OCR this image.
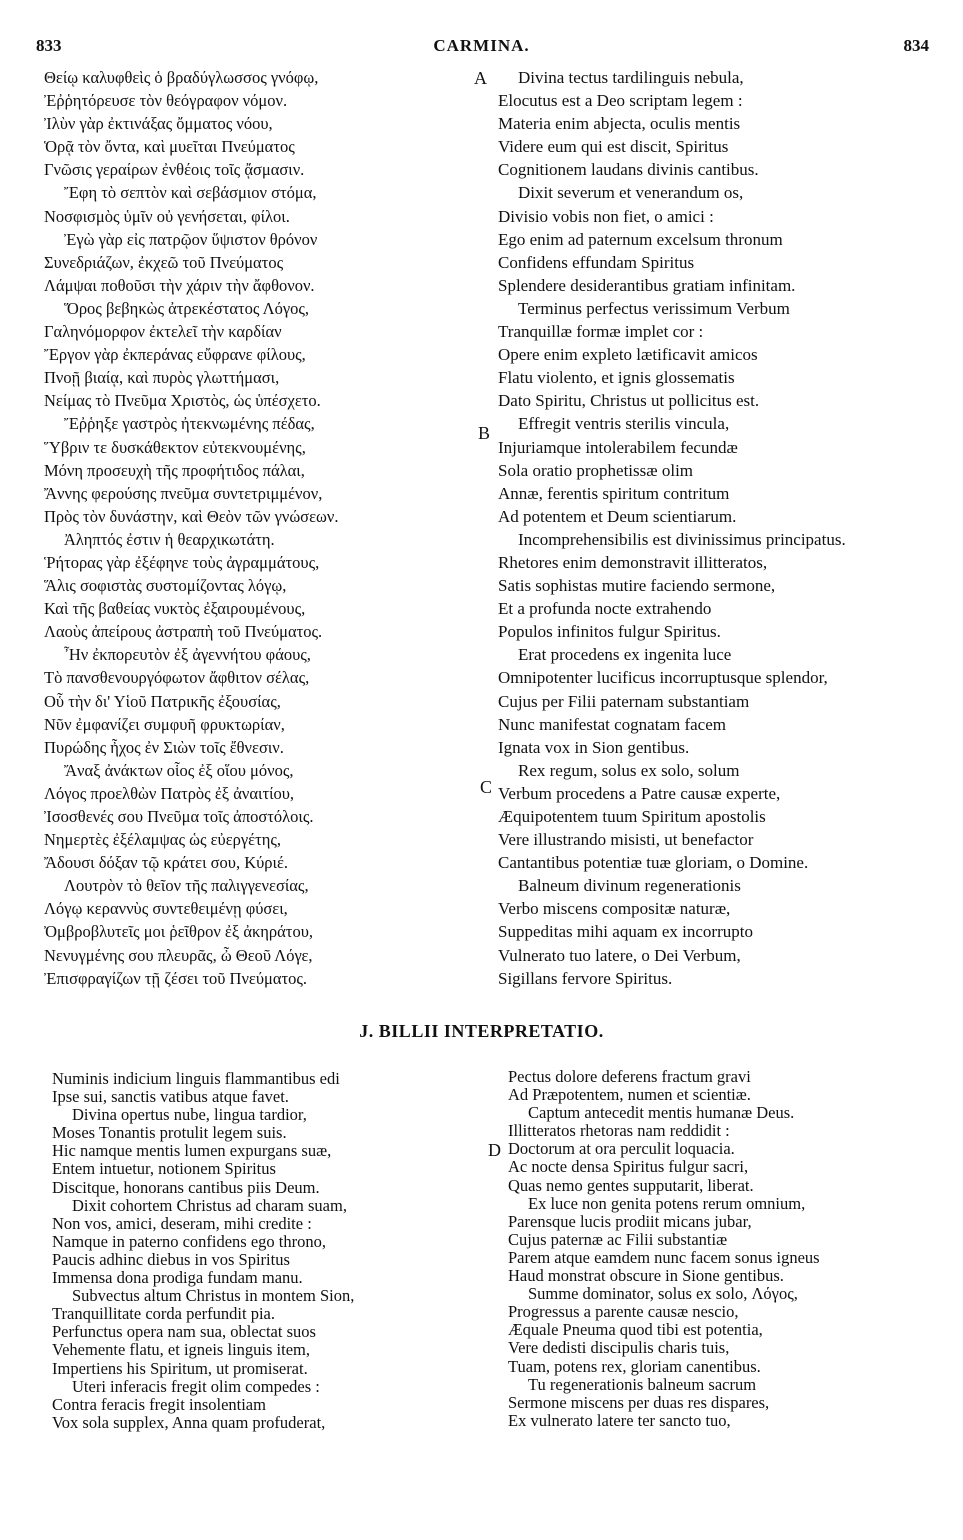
833	CARMINA.	834
A
B
C
D
Θείῳ καλυφθεὶς ὁ βραδύγλωσσος γνόφῳ,
Ἐῤῥητόρευσε τὸν θεόγραφον νόμον.
Ἰλὺν γὰρ ἐκτινάξας ὄμματος νόου,
Ὁρᾷ τὸν ὄντα, καὶ μυεῖται Πνεύματος
Γνῶσις γεραίρων ἐνθέοις τοῖς ᾄσμασιν.
Ἔφη τὸ σεπτὸν καὶ σεβάσμιον στόμα,
Νοσφισμὸς ὑμῖν οὐ γενήσεται, φίλοι.
Ἐγὼ γὰρ εἰς πατρῷον ὕψιστον θρόνον
Συνεδριάζων, ἐκχεῶ τοῦ Πνεύματος
Λάμψαι ποθοῦσι τὴν χάριν τὴν ἄφθονον.
Ὅρος βεβηκὼς ἀτρεκέστατος Λόγος,
Γαληνόμορφον ἐκτελεῖ τὴν καρδίαν
Ἔργον γὰρ ἐκπεράνας εὔφρανε φίλους,
Πνοῇ βιαίᾳ, καὶ πυρὸς γλωττήμασι,
Νείμας τὸ Πνεῦμα Χριστὸς, ὡς ὑπέσχετο.
Ἔῤῥηξε γαστρὸς ἠτεκνωμένης πέδας,
Ὕβριν τε δυσκάθεκτον εὐτεκνουμένης,
Μόνη προσευχὴ τῆς προφήτιδος πάλαι,
Ἄννης φερούσης πνεῦμα συντετριμμένον,
Πρὸς τὸν δυνάστην, καὶ Θεὸν τῶν γνώσεων.
Ἀληπτός ἐστιν ἡ θεαρχικωτάτη.
Ῥήτορας γὰρ ἐξέφηνε τοὺς ἀγραμμάτους,
Ἅλις σοφιστὰς συστομίζοντας λόγῳ,
Καὶ τῆς βαθείας νυκτὸς ἐξαιρουμένους,
Λαοὺς ἀπείρους ἀστραπὴ τοῦ Πνεύματος.
Ἦν ἐκπορευτὸν ἐξ ἀγεννήτου φάους,
Τὸ πανσθενουργόφωτον ἄφθιτον σέλας,
Οὗ τὴν δι' Υἱοῦ Πατρικῆς ἐξουσίας,
Νῦν ἐμφανίζει συμφυῆ φρυκτωρίαν,
Πυρώδης ἦχος ἐν Σιὼν τοῖς ἔθνεσιν.
Ἄναξ ἀνάκτων οἷος ἐξ οἵου μόνος,
Λόγος προελθὼν Πατρὸς ἐξ ἀναιτίου,
Ἰσοσθενές σου Πνεῦμα τοῖς ἀποστόλοις.
Νημερτὲς ἐξέλαμψας ὡς εὐεργέτης,
Ἄδουσι δόξαν τῷ κράτει σου, Κύριέ.
Λουτρὸν τὸ θεῖον τῆς παλιγγενεσίας,
Λόγῳ κεραννὺς συντεθειμένῃ φύσει,
Ὀμβροβλυτεῖς μοι ῥεῖθρον ἐξ ἀκηράτου,
Νενυγμένης σου πλευρᾶς, ὦ Θεοῦ Λόγε,
Ἐπισφραγίζων τῇ ζέσει τοῦ Πνεύματος.
Divina tectus tardilinguis nebula,
Elocutus est a Deo scriptam legem :
Materia enim abjecta, oculis mentis
Videre eum qui est discit, Spiritus
Cognitionem laudans divinis cantibus.
Dixit severum et venerandum os,
Divisio vobis non fiet, o amici :
Ego enim ad paternum excelsum thronum
Confidens effundam Spiritus
Splendere desiderantibus gratiam infinitam.
Terminus perfectus verissimum Verbum
Tranquillæ formæ implet cor :
Opere enim expleto lætificavit amicos
Flatu violento, et ignis glossematis
Dato Spiritu, Christus ut pollicitus est.
Effregit ventris sterilis vincula,
Injuriamque intolerabilem fecundæ
Sola oratio prophetissæ olim
Annæ, ferentis spiritum contritum
Ad potentem et Deum scientiarum.
Incomprehensibilis est divinissimus principatus.
Rhetores enim demonstravit illitteratos,
Satis sophistas mutire faciendo sermone,
Et a profunda nocte extrahendo
Populos infinitos fulgur Spiritus.
Erat procedens ex ingenita luce
Omnipotenter lucificus incorruptusque splendor,
Cujus per Filii paternam substantiam
Nunc manifestat cognatam facem
Ignata vox in Sion gentibus.
Rex regum, solus ex solo, solum
Verbum procedens a Patre causæ experte,
Æquipotentem tuum Spiritum apostolis
Vere illustrando misisti, ut benefactor
Cantantibus potentiæ tuæ gloriam, o Domine.
Balneum divinum regenerationis
Verbo miscens compositæ naturæ,
Suppeditas mihi aquam ex incorrupto
Vulnerato tuo latere, o Dei Verbum,
Sigillans fervore Spiritus.
J. BILLII INTERPRETATIO.
Numinis indicium linguis flammantibus edi
Ipse sui, sanctis vatibus atque favet.
Divina opertus nube, lingua tardior,
Moses Tonantis protulit legem suis.
Hic namque mentis lumen expurgans suæ,
Entem intuetur, notionem Spiritus
Discitque, honorans cantibus piis Deum.
Dixit cohortem Christus ad charam suam,
Non vos, amici, deseram, mihi credite :
Namque in paterno confidens ego throno,
Paucis adhinc diebus in vos Spiritus
Immensa dona prodiga fundam manu.
Subvectus altum Christus in montem Sion,
Tranquillitate corda perfundit pia.
Perfunctus opera nam sua, oblectat suos
Vehemente flatu, et igneis linguis item,
Impertiens his Spiritum, ut promiserat.
Uteri inferacis fregit olim compedes :
Contra feracis fregit insolentiam
Vox sola supplex, Anna quam profuderat,
Pectus dolore deferens fractum gravi
Ad Præpotentem, numen et scientiæ.
Captum antecedit mentis humanæ Deus.
Illitteratos rhetoras nam reddidit :
Doctorum at ora perculit loquacia.
Ac nocte densa Spiritus fulgur sacri,
Quas nemo gentes supputarit, liberat.
Ex luce non genita potens rerum omnium,
Parensque lucis prodiit micans jubar,
Cujus paternæ ac Filii substantiæ
Parem atque eamdem nunc facem sonus igneus
Haud monstrat obscure in Sione gentibus.
Summe dominator, solus ex solo, Λόγος,
Progressus a parente causæ nescio,
Æquale Pneuma quod tibi est potentia,
Vere dedisti discipulis charis tuis,
Tuam, potens rex, gloriam canentibus.
Tu regenerationis balneum sacrum
Sermone miscens per duas res dispares,
Ex vulnerato latere ter sancto tuo,
